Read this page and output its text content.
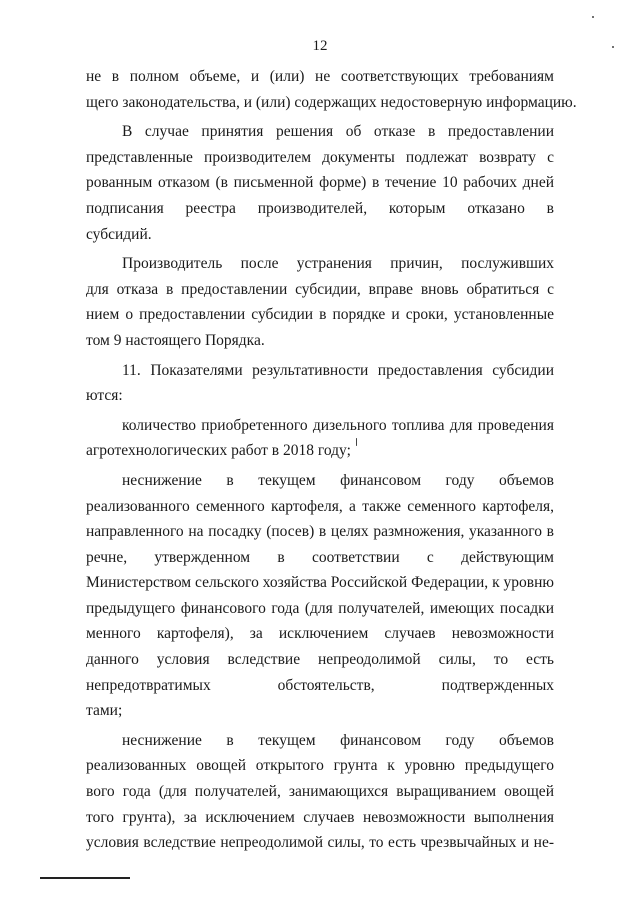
12

не в полном объеме, и (или) не соответствующих требованиям
щего законодательства, и (или) содержащих недостоверную информацию.

В случае принятия решения об отказе в предоставлении
представленные производителем документы подлежат возврату с
рованным отказом (в письменной форме) в течение 10 рабочих дней
подписания реестра производителей, которым отказано в
субсидий.

Производитель после устранения причин, послуживших
для отказа в предоставлении субсидии, вправе вновь обратиться с
нием о предоставлении субсидии в порядке и сроки, установленные
том 9 настоящего Порядка.

11. Показателями результативности предоставления субсидии
ются:

количество приобретенного дизельного топлива для проведения
агротехнологических работ в 2018 году;

неснижение в текущем финансовом году объемов
реализованного семенного картофеля, а также семенного картофеля,
направленного на посадку (посев) в целях размножения, указанного в
речне, утвержденном в соответствии с действующим
Министерством сельского хозяйства Российской Федерации, к уровню
предыдущего финансового года (для получателей, имеющих посадки
менного картофеля), за исключением случаев невозможности
данного условия вследствие непреодолимой силы, то есть
непредотвратимых обстоятельств, подтвержденных
тами;

неснижение в текущем финансовом году объемов
реализованных овощей открытого грунта к уровню предыдущего
вого года (для получателей, занимающихся выращиванием овощей
того грунта), за исключением случаев невозможности выполнения
условия вследствие непреодолимой силы, то есть чрезвычайных и не-
